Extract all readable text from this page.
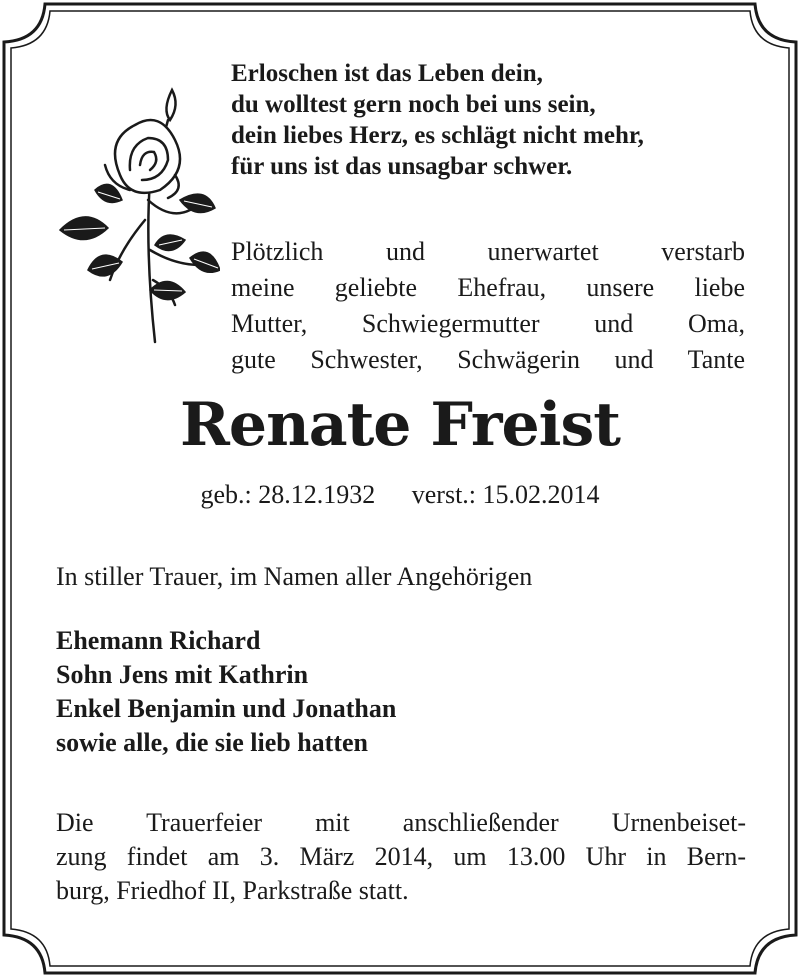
Erloschen ist das Leben dein,
du wolltest gern noch bei uns sein,
dein liebes Herz, es schlägt nicht mehr,
für uns ist das unsagbar schwer.
Plötzlich und unerwartet verstarb
meine geliebte Ehefrau, unsere liebe
Mutter, Schwiegermutter und Oma,
gute Schwester, Schwägerin und Tante
Renate Freist
geb.: 28.12.1932 verst.: 15.02.2014
In stiller Trauer, im Namen aller Angehörigen
Ehemann Richard
Sohn Jens mit Kathrin
Enkel Benjamin und Jonathan
sowie alle, die sie lieb hatten
Die Trauerfeier mit anschließender Urnenbeiset-
zung findet am 3. März 2014, um 13.00 Uhr in Bern-
burg, Friedhof II, Parkstraße statt.
